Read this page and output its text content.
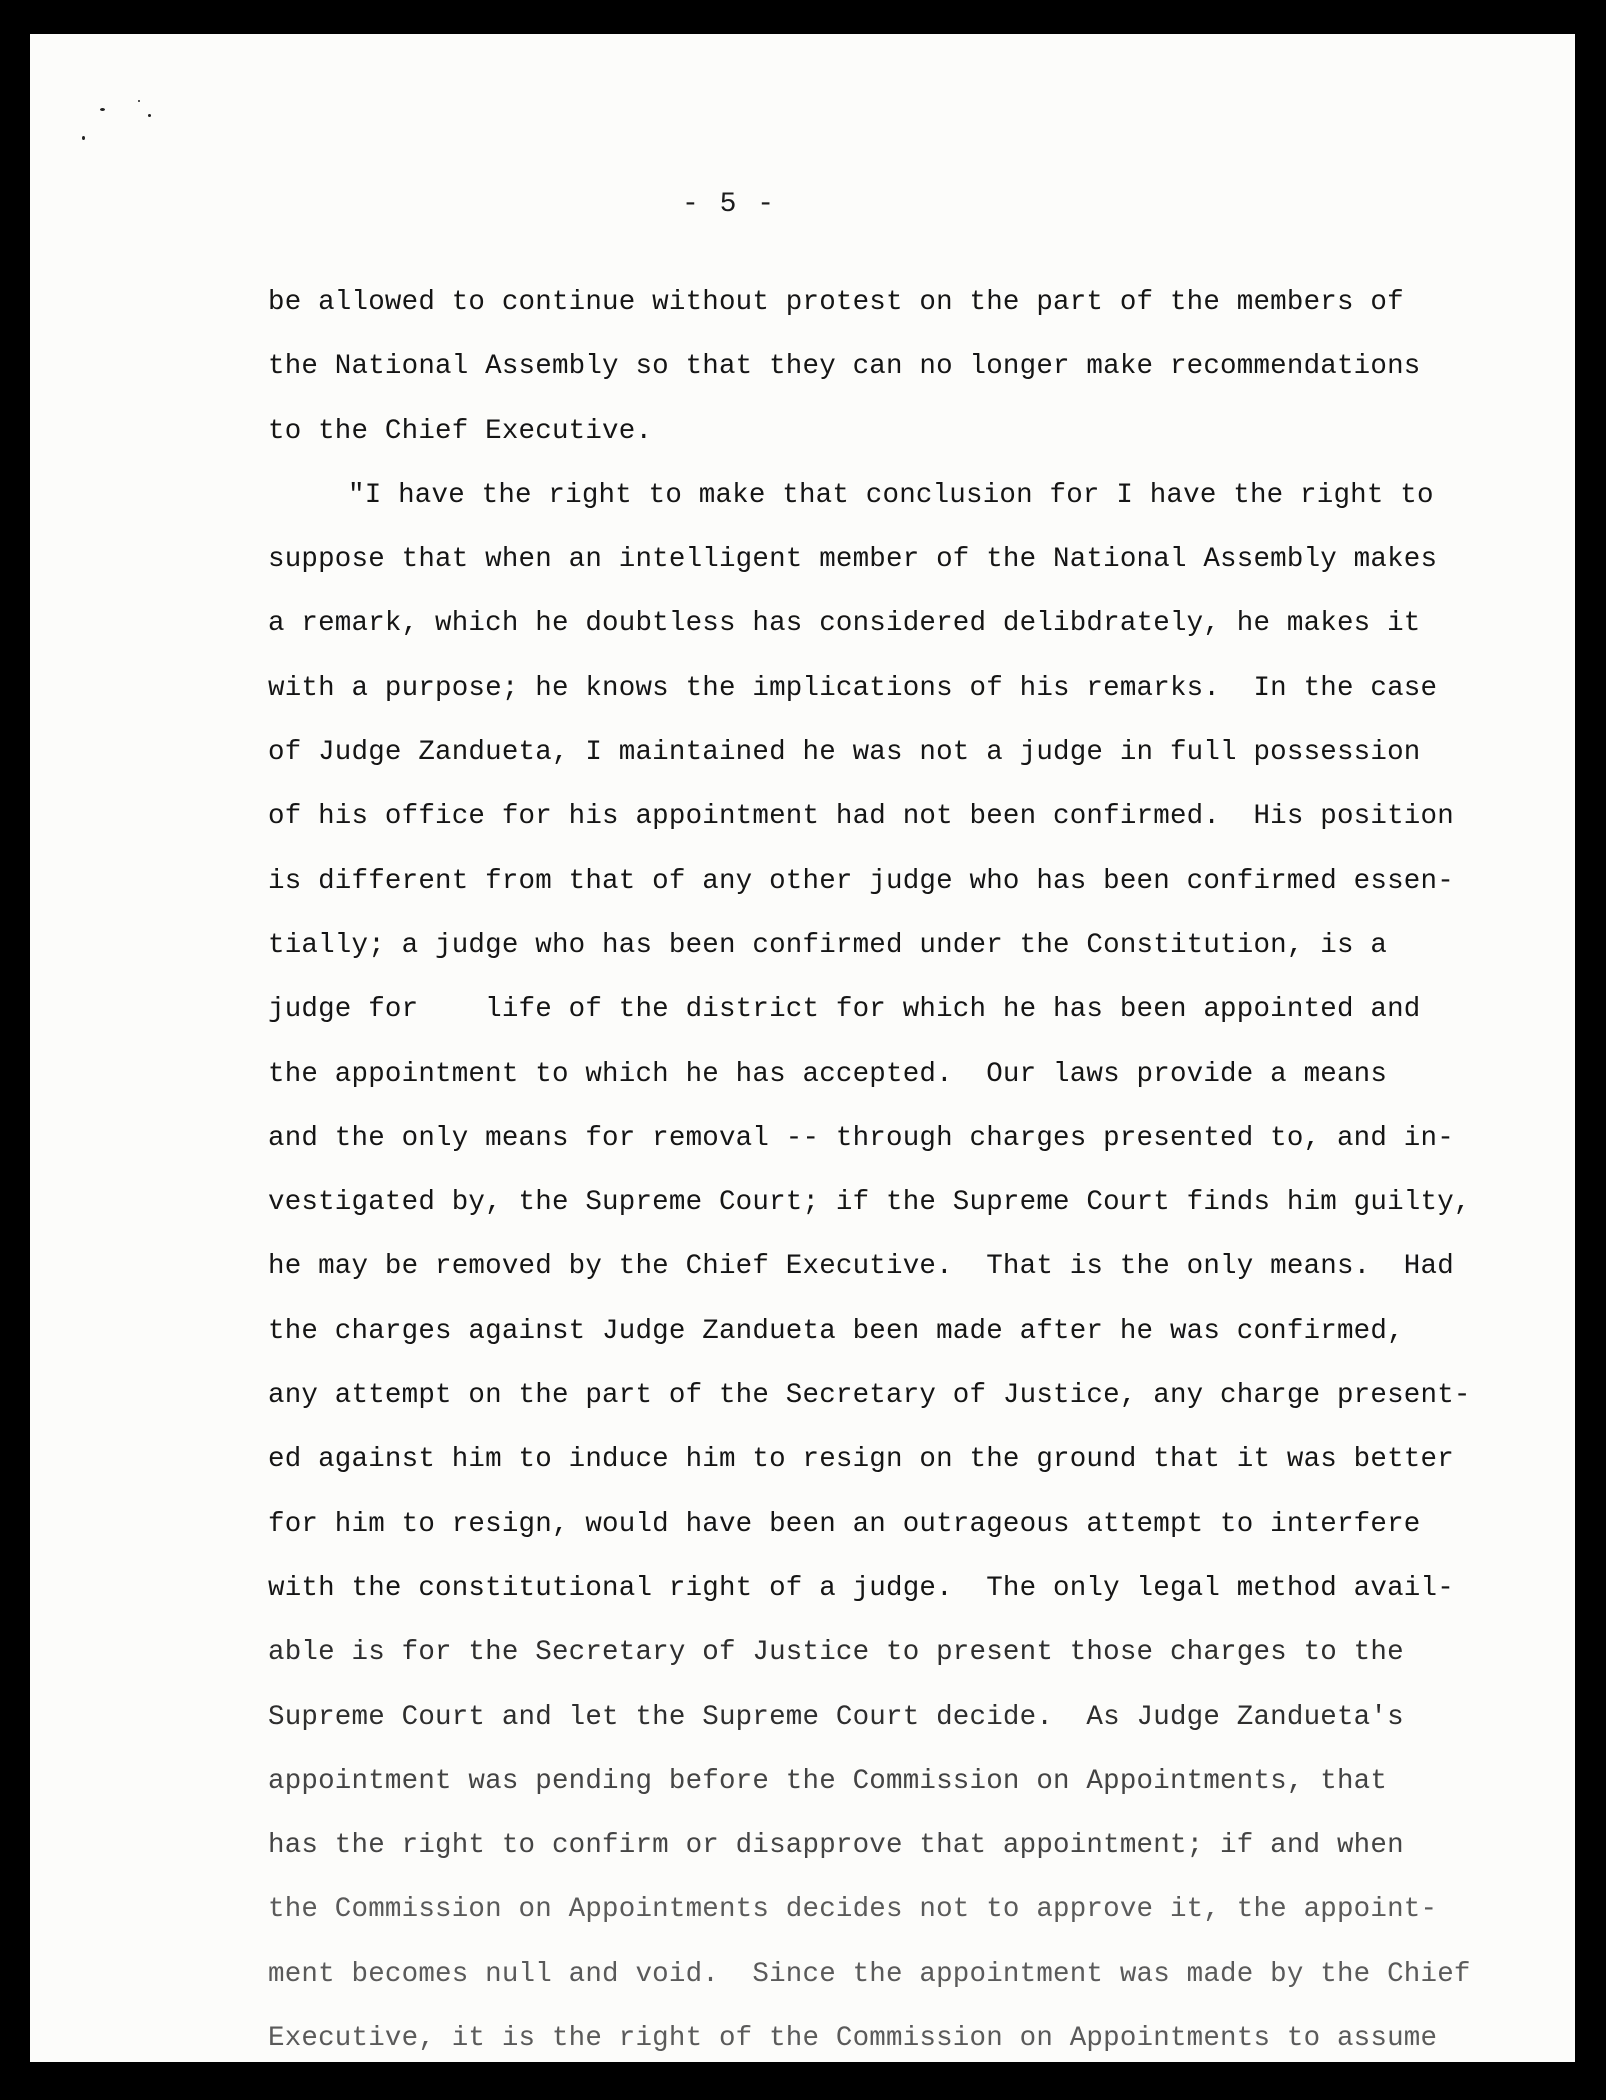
- 5 -
be allowed to continue without protest on the part of the members of
the National Assembly so that they can no longer make recommendations
to the Chief Executive.
"I have the right to make that conclusion for I have the right to
suppose that when an intelligent member of the National Assembly makes
a remark, which he doubtless has considered delibdrately, he makes it
with a purpose; he knows the implications of his remarks.  In the case
of Judge Zandueta, I maintained he was not a judge in full possession
of his office for his appointment had not been confirmed.  His position
is different from that of any other judge who has been confirmed essen-
tially; a judge who has been confirmed under the Constitution, is a
judge for    life of the district for which he has been appointed and
the appointment to which he has accepted.  Our laws provide a means
and the only means for removal -- through charges presented to, and in-
vestigated by, the Supreme Court; if the Supreme Court finds him guilty,
he may be removed by the Chief Executive.  That is the only means.  Had
the charges against Judge Zandueta been made after he was confirmed,
any attempt on the part of the Secretary of Justice, any charge present-
ed against him to induce him to resign on the ground that it was better
for him to resign, would have been an outrageous attempt to interfere
with the constitutional right of a judge.  The only legal method avail-
able is for the Secretary of Justice to present those charges to the
Supreme Court and let the Supreme Court decide.  As Judge Zandueta's
appointment was pending before the Commission on Appointments, that
has the right to confirm or disapprove that appointment; if and when
the Commission on Appointments decides not to approve it, the appoint-
ment becomes null and void.  Since the appointment was made by the Chief
Executive, it is the right of the Commission on Appointments to assume
